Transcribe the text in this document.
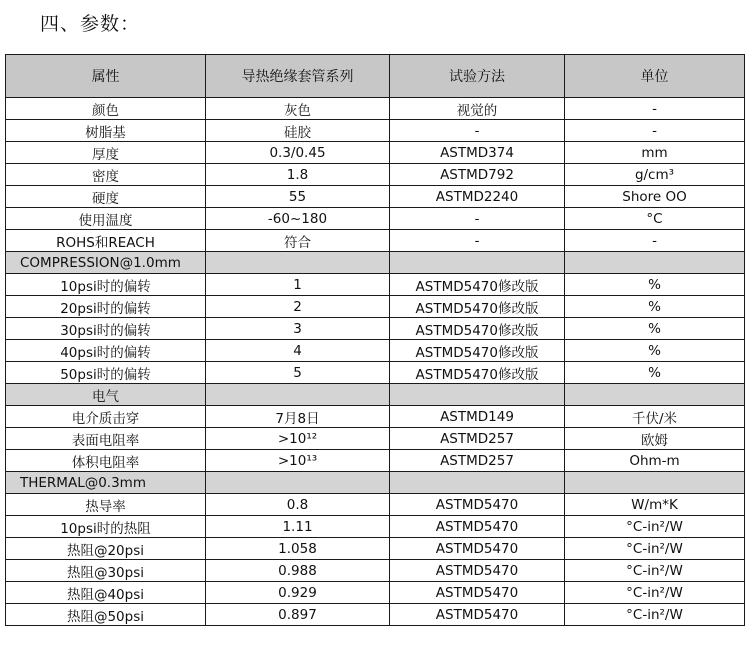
四、参数：
属性	导热绝缘套管系列	试验方法	单位
颜色	灰色	视觉的	-
树脂基	硅胶	-	-
厚度	0.3/0.45	ASTMD374	mm
密度	1.8	ASTMD792	g/cm³
硬度	55	ASTMD2240	Shore OO
使用温度	-60~180	-	°C
ROHS和REACH	符合	-	-
COMPRESSION@1.0mm			
10psi时的偏转	1	ASTMD5470修改版	%
20psi时的偏转	2	ASTMD5470修改版	%
30psi时的偏转	3	ASTMD5470修改版	%
40psi时的偏转	4	ASTMD5470修改版	%
50psi时的偏转	5	ASTMD5470修改版	%
电气			
电介质击穿	7月8日	ASTMD149	千伏/米
表面电阻率	>10¹²	ASTMD257	欧姆
体积电阻率	>10¹³	ASTMD257	Ohm-m
THERMAL@0.3mm			
热导率	0.8	ASTMD5470	W/m*K
10psi时的热阻	1.11	ASTMD5470	°C-in²/W
热阻@20psi	1.058	ASTMD5470	°C-in²/W
热阻@30psi	0.988	ASTMD5470	°C-in²/W
热阻@40psi	0.929	ASTMD5470	°C-in²/W
热阻@50psi	0.897	ASTMD5470	°C-in²/W
